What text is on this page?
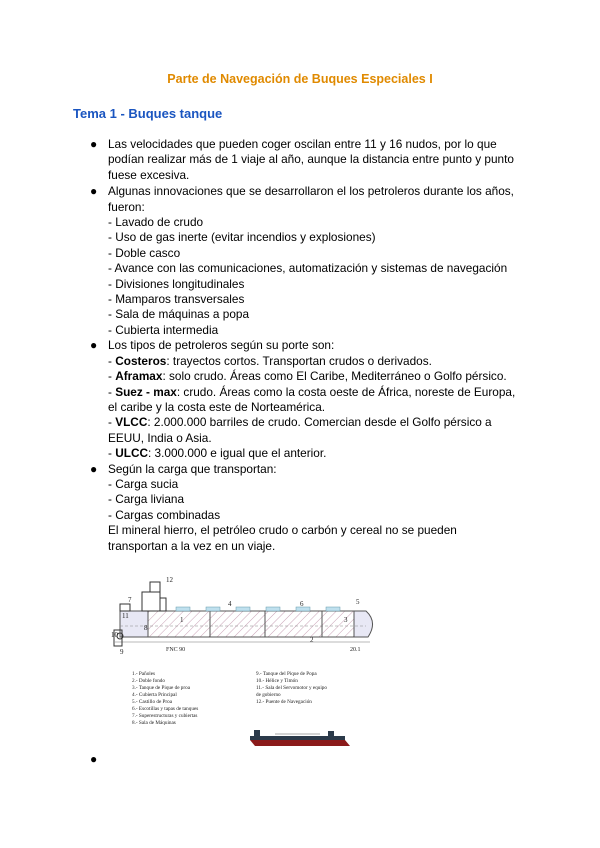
Parte de Navegación de Buques Especiales I
Tema 1 - Buques tanque
● Las velocidades que pueden coger oscilan entre 11 y 16 nudos, por lo que
podían realizar más de 1 viaje al año, aunque la distancia entre punto y punto
fuese excesiva.
● Algunas innovaciones que se desarrollaron el los petroleros durante los años,
fueron:
- Lavado de crudo
- Uso de gas inerte (evitar incendios y explosiones)
- Doble casco
- Avance con las comunicaciones, automatización y sistemas de navegación
- Divisiones longitudinales
- Mamparos transversales
- Sala de máquinas a popa
- Cubierta intermedia
● Los tipos de petroleros según su porte son:
- Costeros: trayectos cortos. Transportan crudos o derivados.
- Aframax: solo crudo. Áreas como El Caribe, Mediterráneo o Golfo pérsico.
- Suez - max: crudo. Áreas como la costa oeste de África, noreste de Europa,
el caribe y la costa este de Norteamérica.
- VLCC: 2.000.000 barriles de crudo. Comercian desde el Golfo pérsico a
EEUU, India o Asia.
- ULCC: 3.000.000 e igual que el anterior.
● Según la carga que transportan:
- Carga sucia
- Carga liviana
- Cargas combinadas
El mineral hierro, el petróleo crudo o carbón y cereal no se pueden
transportan a la vez en un viaje.
12
4	6	5
11
8
7
1	3
10
9
2
FNC 90	20.1
1.- Pañoles
2.- Doble fondo
3.- Tanque de Pique de proa
4.- Cubierta Principal
5.- Castillo de Proa
6.- Escotillas y tapas de tanques
7.- Superestructuras y cubiertas
8.- Sala de Máquinas
9.- Tanque del Pique de Popa
10.- Hélice y Timón
11.- Sala del Servomotor y equipo
de gobierno
12.- Puente de Navegación
●
